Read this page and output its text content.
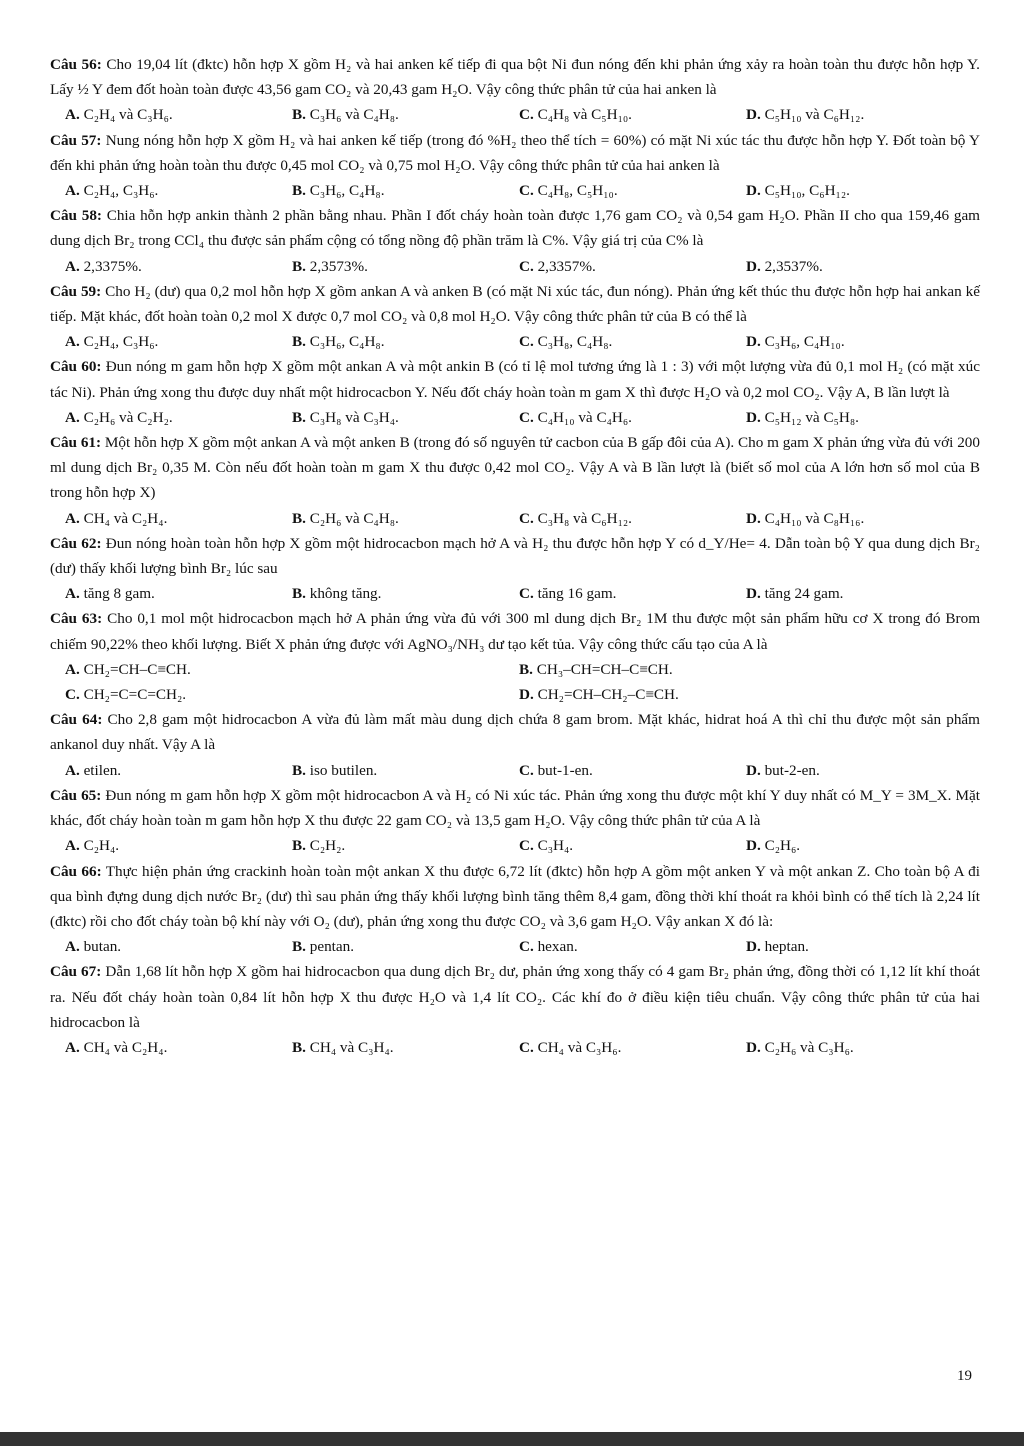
Câu 56: Cho 19,04 lít (đktc) hỗn hợp X gồm H₂ và hai anken kế tiếp đi qua bột Ni đun nóng đến khi phản ứng xảy ra hoàn toàn thu được hỗn hợp Y. Lấy ½ Y đem đốt hoàn toàn được 43,56 gam CO₂ và 20,43 gam H₂O. Vậy công thức phân tử của hai anken là

A. C₂H₄ và C₃H₆.	B. C₃H₆ và C₄H₈.	C. C₄H₈ và C₅H₁₀.	D. C₅H₁₀ và C₆H₁₂.

Câu 57: Nung nóng hỗn hợp X gồm H₂ và hai anken kế tiếp (trong đó %H₂ theo thể tích = 60%) có mặt Ni xúc tác thu được hỗn hợp Y. Đốt toàn bộ Y đến khi phản ứng hoàn toàn thu được 0,45 mol CO₂ và 0,75 mol H₂O. Vậy công thức phân tử của hai anken là

A. C₂H₄, C₃H₆.	B. C₃H₆, C₄H₈.	C. C₄H₈, C₅H₁₀.	D. C₅H₁₀, C₆H₁₂.

Câu 58: Chia hỗn hợp ankin thành 2 phần bằng nhau. Phần I đốt cháy hoàn toàn được 1,76 gam CO₂ và 0,54 gam H₂O. Phần II cho qua 159,46 gam dung dịch Br₂ trong CCl₄ thu được sản phẩm cộng có tổng nồng độ phần trăm là C%. Vậy giá trị của C% là

A. 2,3375%.	B. 2,3573%.	C. 2,3357%.	D. 2,3537%.

Câu 59: Cho H₂ (dư) qua 0,2 mol hỗn hợp X gồm ankan A và anken B (có mặt Ni xúc tác, đun nóng). Phản ứng kết thúc thu được hỗn hợp hai ankan kế tiếp. Mặt khác, đốt hoàn toàn 0,2 mol X được 0,7 mol CO₂ và 0,8 mol H₂O. Vậy công thức phân tử của B có thể là

A. C₂H₄, C₃H₆.	B. C₃H₆, C₄H₈.	C. C₃H₈, C₄H₈.	D. C₃H₆, C₄H₁₀.

Câu 60: Đun nóng m gam hỗn hợp X gồm một ankan A và một ankin B (có tỉ lệ mol tương ứng là 1 : 3) với một lượng vừa đủ 0,1 mol H₂ (có mặt xúc tác Ni). Phản ứng xong thu được duy nhất một hidrocacbon Y. Nếu đốt cháy hoàn toàn m gam X thì được H₂O và 0,2 mol CO₂. Vậy A, B lần lượt là

A. C₂H₆ và C₂H₂.	B. C₃H₈ và C₃H₄.	C. C₄H₁₀ và C₄H₆.	D. C₅H₁₂ và C₅H₈.

Câu 61: Một hỗn hợp X gồm một ankan A và một anken B (trong đó số nguyên tử cacbon của B gấp đôi của A). Cho m gam X phản ứng vừa đủ với 200 ml dung dịch Br₂ 0,35 M. Còn nếu đốt hoàn toàn m gam X thu được 0,42 mol CO₂. Vậy A và B lần lượt là (biết số mol của A lớn hơn số mol của B trong hỗn hợp X)

A. CH₄ và C₂H₄.	B. C₂H₆ và C₄H₈.	C. C₃H₈ và C₆H₁₂.	D. C₄H₁₀ và C₈H₁₆.

Câu 62: Đun nóng hoàn toàn hỗn hợp X gồm một hidrocacbon mạch hở A và H₂ thu được hỗn hợp Y có d_Y/He= 4. Dẫn toàn bộ Y qua dung dịch Br₂ (dư) thấy khối lượng bình Br₂ lúc sau

A. tăng 8 gam.	B. không tăng.	C. tăng 16 gam.	D. tăng 24 gam.

Câu 63: Cho 0,1 mol một hidrocacbon mạch hở A phản ứng vừa đủ với 300 ml dung dịch Br₂ 1M thu được một sản phẩm hữu cơ X trong đó Brom chiếm 90,22% theo khối lượng. Biết X phản ứng được với AgNO₃/NH₃ dư tạo kết tủa. Vậy công thức cấu tạo của A là

A. CH₂=CH–C≡CH.	B. CH₃–CH=CH–C≡CH.
C. CH₂=C=C=CH₂.	D. CH₂=CH–CH₂–C≡CH.

Câu 64: Cho 2,8 gam một hidrocacbon A vừa đủ làm mất màu dung dịch chứa 8 gam brom. Mặt khác, hidrat hoá A thì chỉ thu được một sản phẩm ankanol duy nhất. Vậy A là

A. etilen.	B. iso butilen.	C. but-1-en.	D. but-2-en.

Câu 65: Đun nóng m gam hỗn hợp X gồm một hidrocacbon A và H₂ có Ni xúc tác. Phản ứng xong thu được một khí Y duy nhất có M_Y = 3M_X. Mặt khác, đốt cháy hoàn toàn m gam hỗn hợp X thu được 22 gam CO₂ và 13,5 gam H₂O. Vậy công thức phân tử của A là

A. C₂H₄.	B. C₂H₂.	C. C₃H₄.	D. C₂H₆.

Câu 66: Thực hiện phản ứng crackinh hoàn toàn một ankan X thu được 6,72 lít (đktc) hỗn hợp A gồm một anken Y và một ankan Z. Cho toàn bộ A đi qua bình đựng dung dịch nước Br₂ (dư) thì sau phản ứng thấy khối lượng bình tăng thêm 8,4 gam, đồng thời khí thoát ra khỏi bình có thể tích là 2,24 lít (đktc) rồi cho đốt cháy toàn bộ khí này với O₂ (dư), phản ứng xong thu được CO₂ và 3,6 gam H₂O. Vậy ankan X đó là:

A. butan.	B. pentan.	C. hexan.	D. heptan.

Câu 67: Dẫn 1,68 lít hỗn hợp X gồm hai hidrocacbon qua dung dịch Br₂ dư, phản ứng xong thấy có 4 gam Br₂ phản ứng, đồng thời có 1,12 lít khí thoát ra. Nếu đốt cháy hoàn toàn 0,84 lít hỗn hợp X thu được H₂O và 1,4 lít CO₂. Các khí đo ở điều kiện tiêu chuẩn. Vậy công thức phân tử của hai hidrocacbon là

A. CH₄ và C₂H₄.	B. CH₄ và C₃H₄.	C. CH₄ và C₃H₆.	D. C₂H₆ và C₃H₆.
19
